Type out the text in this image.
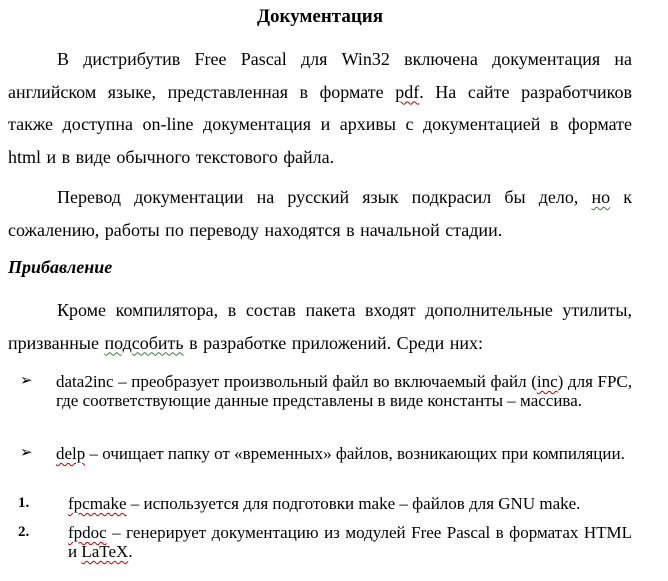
Документация

В дистрибутив Free Pascal для Win32 включена документация на английском языке, представленная в формате pdf. На сайте разработчиков также доступна on-line документация и архивы с документацией в формате html и в виде обычного текстового файла.

Перевод документации на русский язык подкрасил бы дело, но к сожалению, работы по переводу находятся в начальной стадии.

Прибавление

Кроме компилятора, в состав пакета входят дополнительные утилиты, призванные подсобить в разработке приложений. Среди них:

➢	data2inc – преобразует произвольный файл во включаемый файл (inc) для FPC, где соответствующие данные представлены в виде константы – массива.
➢	delp – очищает папку от «временных» файлов, возникающих при компиляции.
1.	fpcmake – используется для подготовки make – файлов для GNU make.
2.	fpdoc – генерирует документацию из модулей Free Pascal в форматах HTML и LaTeX.
